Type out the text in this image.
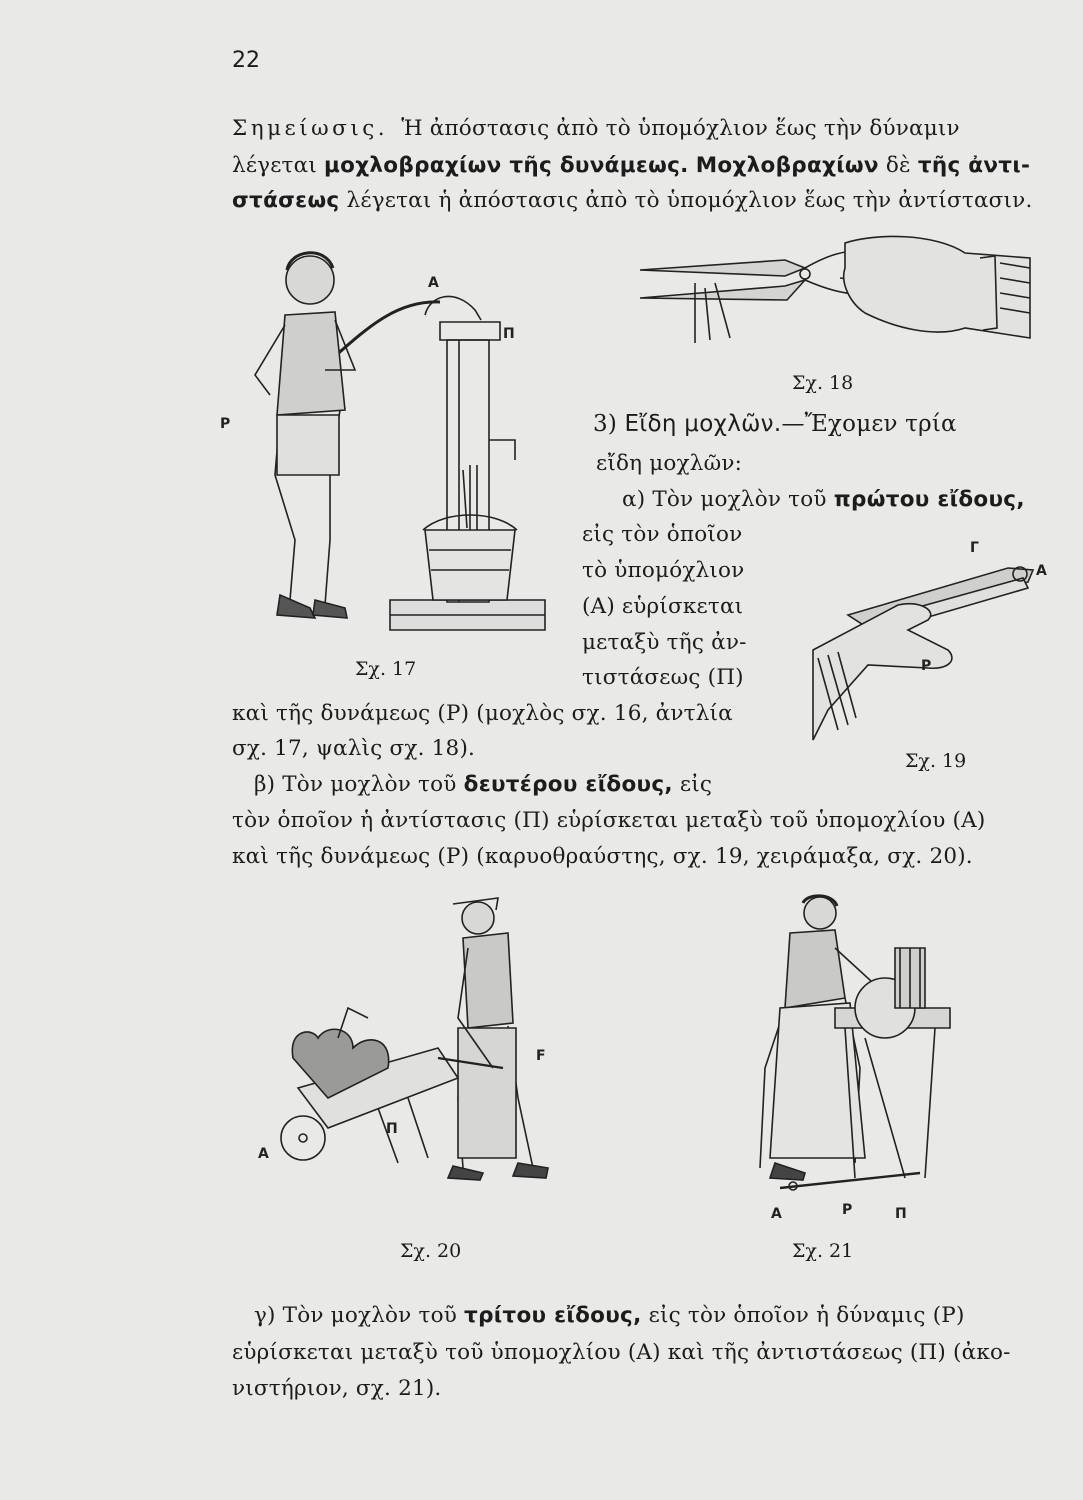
22
Σημείωσις. Ἡ ἀπόστασις ἀπὸ τὸ ὑπομόχλιον ἕως τὴν δύναμιν
λέγεται μοχλοβραχίων τῆς δυνάμεως. Μοχλοβραχίων δὲ τῆς ἀντι-
στάσεως λέγεται ἡ ἀπόστασις ἀπὸ τὸ ὑπομόχλιον ἕως τὴν ἀντίστασιν.
Α
Π
Ρ
Σχ. 17
Σχ. 18
3) Εἴδη μοχλῶν.—Ἔχομεν τρία
εἴδη μοχλῶν:
α) Τὸν μοχλὸν τοῦ πρώτου εἴδους,
εἰς τὸν ὁποῖον
τὸ ὑπομόχλιον
(Α) εὑρίσκεται
μεταξὺ τῆς ἀν-
τιστάσεως (Π)
καὶ τῆς δυνάμεως (Ρ) (μοχλὸς σχ. 16, ἀντλία
σχ. 17, ψαλὶς σχ. 18).
Γ
A
Ρ
Σχ. 19
β) Τὸν μοχλὸν τοῦ δευτέρου εἴδους, εἰς
τὸν ὁποῖον ἡ ἀντίστασις (Π) εὑρίσκεται μεταξὺ τοῦ ὑπομοχλίου (Α)
καὶ τῆς δυνάμεως (Ρ) (καρυοθραύστης, σχ. 19, χειράμαξα, σχ. 20).
Α
Π
F
Σχ. 20
Α	Ρ	Π
Σχ. 21
γ) Τὸν μοχλὸν τοῦ τρίτου εἴδους, εἰς τὸν ὁποῖον ἡ δύναμις (Ρ)
εὑρίσκεται μεταξὺ τοῦ ὑπομοχλίου (Α) καὶ τῆς ἀντιστάσεως (Π) (ἀκο-
νιστήριον, σχ. 21).
